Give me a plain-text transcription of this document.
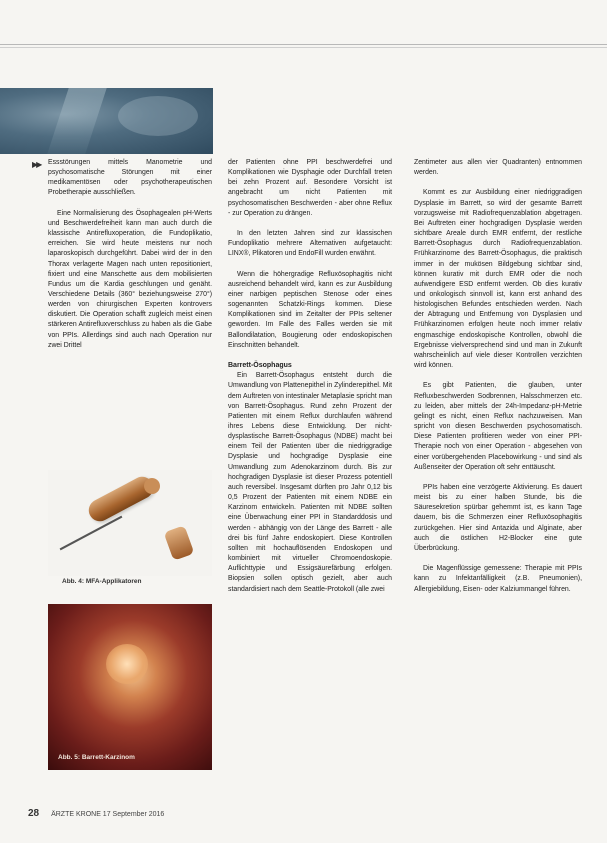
▶▶ Essstörungen mittels Manometrie und psychosomatische Störungen mit einer medikamentösen oder psychotherapeutischen Probetherapie ausschließen.

Eine Normalisierung des Ösophagealen pH-Werts und Beschwerdefreiheit kann man auch durch die klassische Antirefluxoperation, die Fundoplikatio, erreichen. Sie wird heute meistens nur noch laparoskopisch durchgeführt. Dabei wird der in den Thorax verlagerte Magen nach unten repositioniert, fixiert und eine Manschette aus dem mobilisierten Fundus um die Kardia geschlungen und genäht. Verschiedene Details (360° beziehungsweise 270°) werden von chirurgischen Experten kontrovers diskutiert. Die Operation schafft zugleich meist einen stärkeren Antirefluxverschluss zu haben als die Gabe von PPIs. Allerdings sind auch nach Operation nur zwei Drittel

Abb. 4: MFA-Applikatoren
Abb. 5: Barrett-Karzinom

der Patienten ohne PPI beschwerdefrei und Komplikationen wie Dysphagie oder Durchfall treten bei zehn Prozent auf. Besondere Vorsicht ist angebracht um nicht Patienten mit psychosomatischen Beschwerden - aber ohne Reflux - zur Operation zu drängen.

In den letzten Jahren sind zur klassischen Fundoplikatio mehrere Alternativen aufgetaucht: LINX®, Plikatoren und EndoFill wurden erwähnt.

Wenn die höhergradige Refluxösophagitis nicht ausreichend behandelt wird, kann es zur Ausbildung einer narbigen peptischen Stenose oder eines sogenannten Schatzki-Rings kommen. Diese Komplikationen sind im Zeitalter der PPIs seltener geworden. Im Falle des Falles werden sie mit Ballondilatation, Bougierung oder endoskopischen Einschnitten behandelt.

Barrett-Ösophagus

Ein Barrett-Ösophagus entsteht durch die Umwandlung von Plattenepithel in Zylinderepithel. Mit dem Auftreten von intestinaler Metaplasie spricht man von Barrett-Ösophagus. Rund zehn Prozent der Patienten mit einem Reflux durchlaufen während ihres Lebens diese Entwicklung. Der nicht-dysplastische Barrett-Ösophagus (NDBE) macht bei einem Teil der Patienten über die niedriggradige Dysplasie und hochgradige Dysplasie eine Umwandlung zum Adenokarzinom durch. Bis zur hochgradigen Dysplasie ist dieser Prozess potentiell auch reversibel. Insgesamt dürften pro Jahr 0,12 bis 0,5 Prozent der Patienten mit einem NDBE ein Karzinom entwickeln. Patienten mit NDBE sollten eine Überwachung einer PPI in Standarddosis und werden - abhängig von der Länge des Barrett - alle drei bis fünf Jahre endoskopiert. Diese Kontrollen sollten mit hochauflösenden Endoskopen und kombiniert mit virtueller Chromoendoskopie. Auflichttypie und Essigsäurefärbung erfolgen. Biopsien sollen optisch gezielt, aber auch standardisiert nach dem Seattle-Protokoll (alle zwei

Zentimeter aus allen vier Quadranten) entnommen werden.

Kommt es zur Ausbildung einer niedriggradigen Dysplasie im Barrett, so wird der gesamte Barrett vorzugsweise mit Radiofrequenzablation abgetragen. Bei Auftreten einer hochgradigen Dysplasie werden sichtbare Areale durch EMR entfernt, der restliche Barrett-Ösophagus durch Radiofrequenzablation. Frühkarzinome des Barrett-Ösophagus, die praktisch immer in der mukösen Bildgebung sichtbar sind, können kurativ mit durch EMR oder die noch aufwendigere ESD entfernt werden. Ob dies kurativ und onkologisch sinnvoll ist, kann erst anhand des histologischen Befundes entschieden werden. Nach der Abtragung und Entfernung von Dysplasien und Frühkarzinomen erfolgen heute noch immer relativ engmaschige endoskopische Kontrollen, obwohl die Ergebnisse vielversprechend sind und man in Zukunft wahrscheinlich auf viele dieser Kontrollen verzichten wird können.

Es gibt Patienten, die glauben, unter Refluxbeschwerden Sodbrennen, Halsschmerzen etc. zu leiden, aber mittels der 24h-Impedanz-pH-Metrie gelingt es nicht, einen Reflux nachzuweisen. Man spricht von diesen Beschwerden psychosomatisch. Diese Patienten profitieren weder von einer PPI-Therapie noch von einer Operation - abgesehen von einer vorübergehenden Placebowirkung - und sind als Außenseiter der Operation oft sehr enttäuscht.

PPIs haben eine verzögerte Aktivierung. Es dauert meist bis zu einer halben Stunde, bis die Säuresekretion spürbar gehemmt ist, es kann Tage dauern, bis die Schmerzen einer Refluxösophagitis zurückgehen. Hier sind Antazida und Alginate, aber auch die östlichen H2-Blocker eine gute Überbrückung.

Die Magenflüssige gemessene: Therapie mit PPIs kann zu Infektanfälligkeit (z.B. Pneumonien), Allergiebildung, Eisen- oder Kalziummangel führen.

28 ÄRZTE KRONE 17 September 2016
